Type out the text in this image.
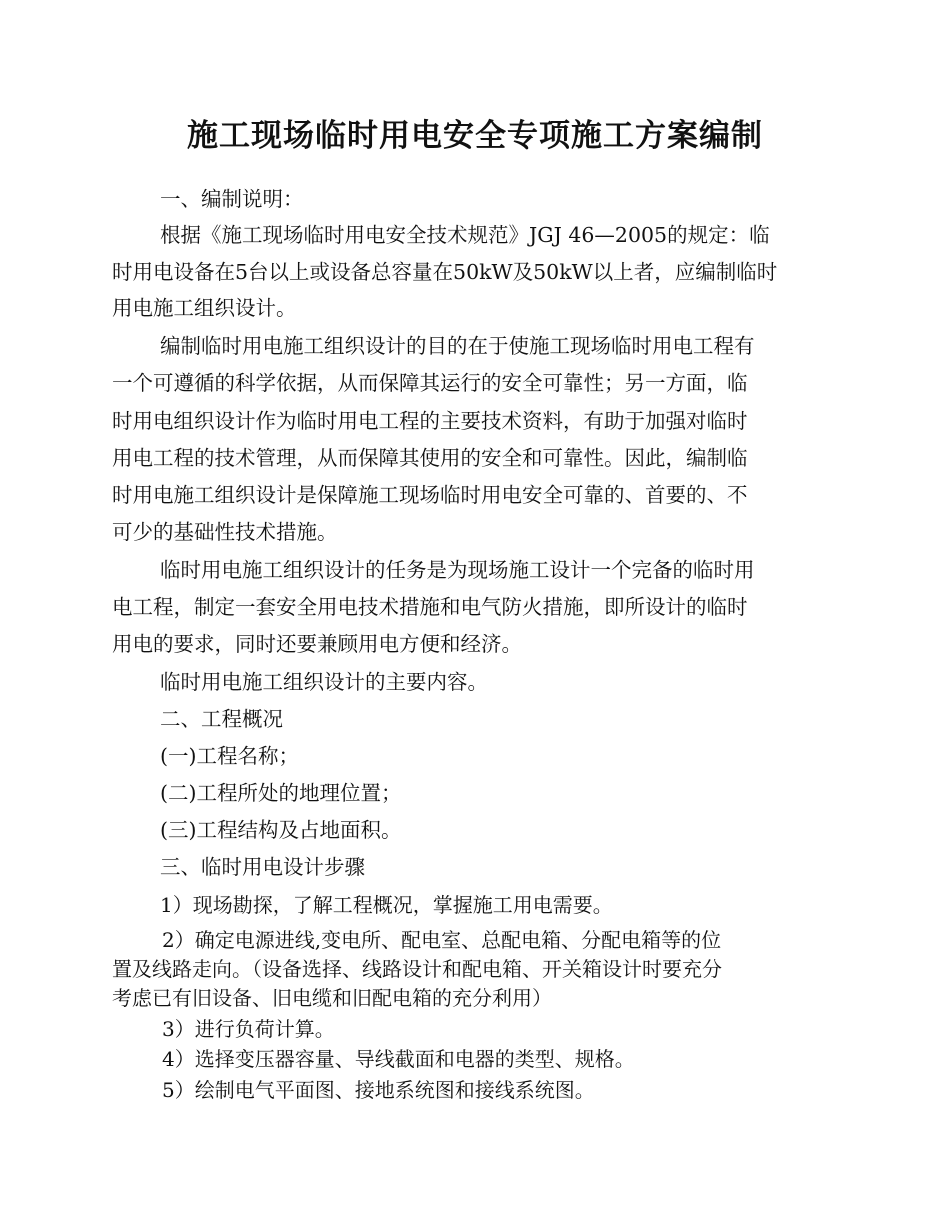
施工现场临时用电安全专项施工方案编制

一、编制说明：

根据《施工现场临时用电安全技术规范》JGJ 46—2005的规定：临

时用电设备在5台以上或设备总容量在50kW及50kW以上者，应编制临时

用电施工组织设计。

编制临时用电施工组织设计的目的在于使施工现场临时用电工程有

一个可遵循的科学依据，从而保障其运行的安全可靠性；另一方面，临

时用电组织设计作为临时用电工程的主要技术资料，有助于加强对临时

用电工程的技术管理，从而保障其使用的安全和可靠性。因此，编制临

时用电施工组织设计是保障施工现场临时用电安全可靠的、首要的、不

可少的基础性技术措施。

临时用电施工组织设计的任务是为现场施工设计一个完备的临时用

电工程，制定一套安全用电技术措施和电气防火措施，即所设计的临时

用电的要求，同时还要兼顾用电方便和经济。

临时用电施工组织设计的主要内容。

二、工程概况

(一)工程名称；

(二)工程所处的地理位置；

(三)工程结构及占地面积。

三、临时用电设计步骤

1）现场勘探，了解工程概况，掌握施工用电需要。

2）确定电源进线,变电所、配电室、总配电箱、分配电箱等的位

置及线路走向。（设备选择、线路设计和配电箱、开关箱设计时要充分

考虑已有旧设备、旧电缆和旧配电箱的充分利用）

3）进行负荷计算。

4）选择变压器容量、导线截面和电器的类型、规格。

5）绘制电气平面图、接地系统图和接线系统图。
